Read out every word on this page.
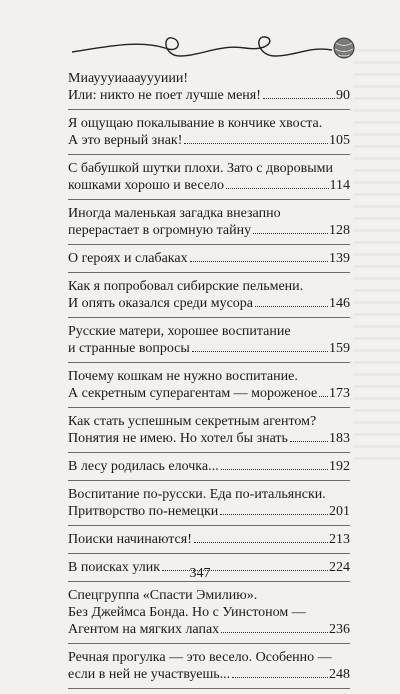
Миауууиааауууиии!
Или: никто не поет лучше меня!	90
Я ощущаю покалывание в кончике хвоста.
А это верный знак!	105
С бабушкой шутки плохи. Зато с дворовыми
кошками хорошо и весело	114
Иногда маленькая загадка внезапно
перерастает в огромную тайну	128
О героях и слабаках	139
Как я попробовал сибирские пельмени.
И опять оказался среди мусора	146
Русские матери, хорошее воспитание
и странные вопросы	159
Почему кошкам не нужно воспитание.
А секретным суперагентам — мороженое 173
Как стать успешным секретным агентом?
Понятия не имею. Но хотел бы знать	183
В лесу родилась елочка...	192
Воспитание по-русски. Еда по-итальянски.
Притворство по-немецки	201
Поиски начинаются!	213
В поисках улик	224
Спецгруппа «Спасти Эмилию».
Без Джеймса Бонда. Но с Уинстоном —
Агентом на мягких лапах	236
Речная прогулка — это весело. Особенно —
если в ней не участвуешь...	248
347
